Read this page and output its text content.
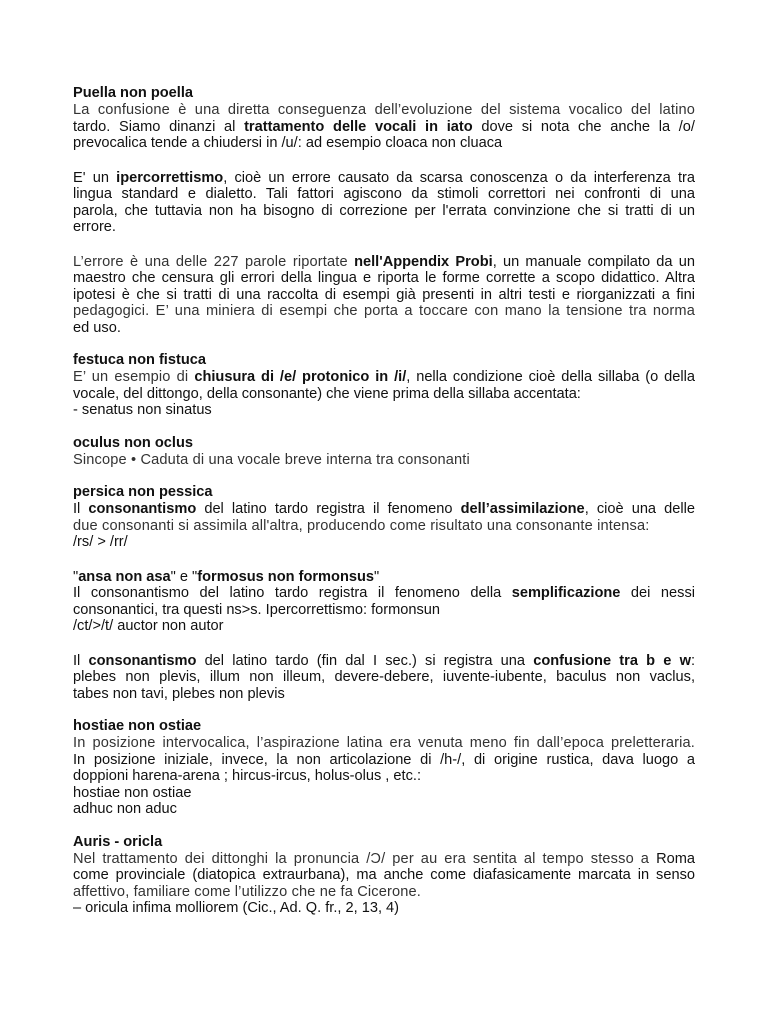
Puella non poella
La confusione è una diretta conseguenza dell’evoluzione del sistema vocalico del latino
tardo. Siamo dinanzi al trattamento delle vocali in iato dove si nota che anche la /o/
prevocalica tende a chiudersi in /u/: ad esempio cloaca non cluaca
E' un ipercorrettismo, cioè un errore causato da scarsa conoscenza o da interferenza tra
lingua standard e dialetto. Tali fattori agiscono da stimoli correttori nei confronti di una
parola, che tuttavia non ha bisogno di correzione per l'errata convinzione che si tratti di un
errore.
L’errore è una delle 227 parole riportate nell'Appendix Probi, un manuale compilato da un
maestro che censura gli errori della lingua e riporta le forme corrette a scopo didattico. Altra
ipotesi è che si tratti di una raccolta di esempi già presenti in altri testi e riorganizzati a fini
pedagogici. E’ una miniera di esempi che porta a toccare con mano la tensione tra norma
ed uso.
festuca non fistuca
E’ un esempio di chiusura di /e/ protonico in /i/, nella condizione cioè della sillaba (o della
vocale, del dittongo, della consonante) che viene prima della sillaba accentata:
- senatus non sinatus
oculus non oclus
Sincope • Caduta di una vocale breve interna tra consonanti
persica non pessica
Il consonantismo del latino tardo registra il fenomeno dell’assimilazione, cioè una delle
due consonanti si assimila all'altra, producendo come risultato una consonante intensa:
/rs/ > /rr/
"ansa non asa" e "formosus non formonsus"
Il consonantismo del latino tardo registra il fenomeno della semplificazione dei nessi
consonantici, tra questi ns>s. Ipercorrettismo: formonsun
/ct/>/t/ auctor non autor
Il consonantismo del latino tardo (fin dal I sec.) si registra una confusione tra b e w:
plebes non plevis, illum non illeum, devere-debere, iuvente-iubente, baculus non vaclus,
tabes non tavi, plebes non plevis
hostiae non ostiae
In posizione intervocalica, l’aspirazione latina era venuta meno fin dall’epoca preletteraria.
In posizione iniziale, invece, la non articolazione di /h-/, di origine rustica, dava luogo a
doppioni harena-arena ; hircus-ircus, holus-olus , etc.:
hostiae non ostiae
adhuc non aduc
Auris - oricla
Nel trattamento dei dittonghi la pronuncia /Ɔ/ per au era sentita al tempo stesso a Roma
come provinciale (diatopica extraurbana), ma anche come diafasicamente marcata in senso
affettivo, familiare come l’utilizzo che ne fa Cicerone.
– oricula infima molliorem (Cic., Ad. Q. fr., 2, 13, 4)
